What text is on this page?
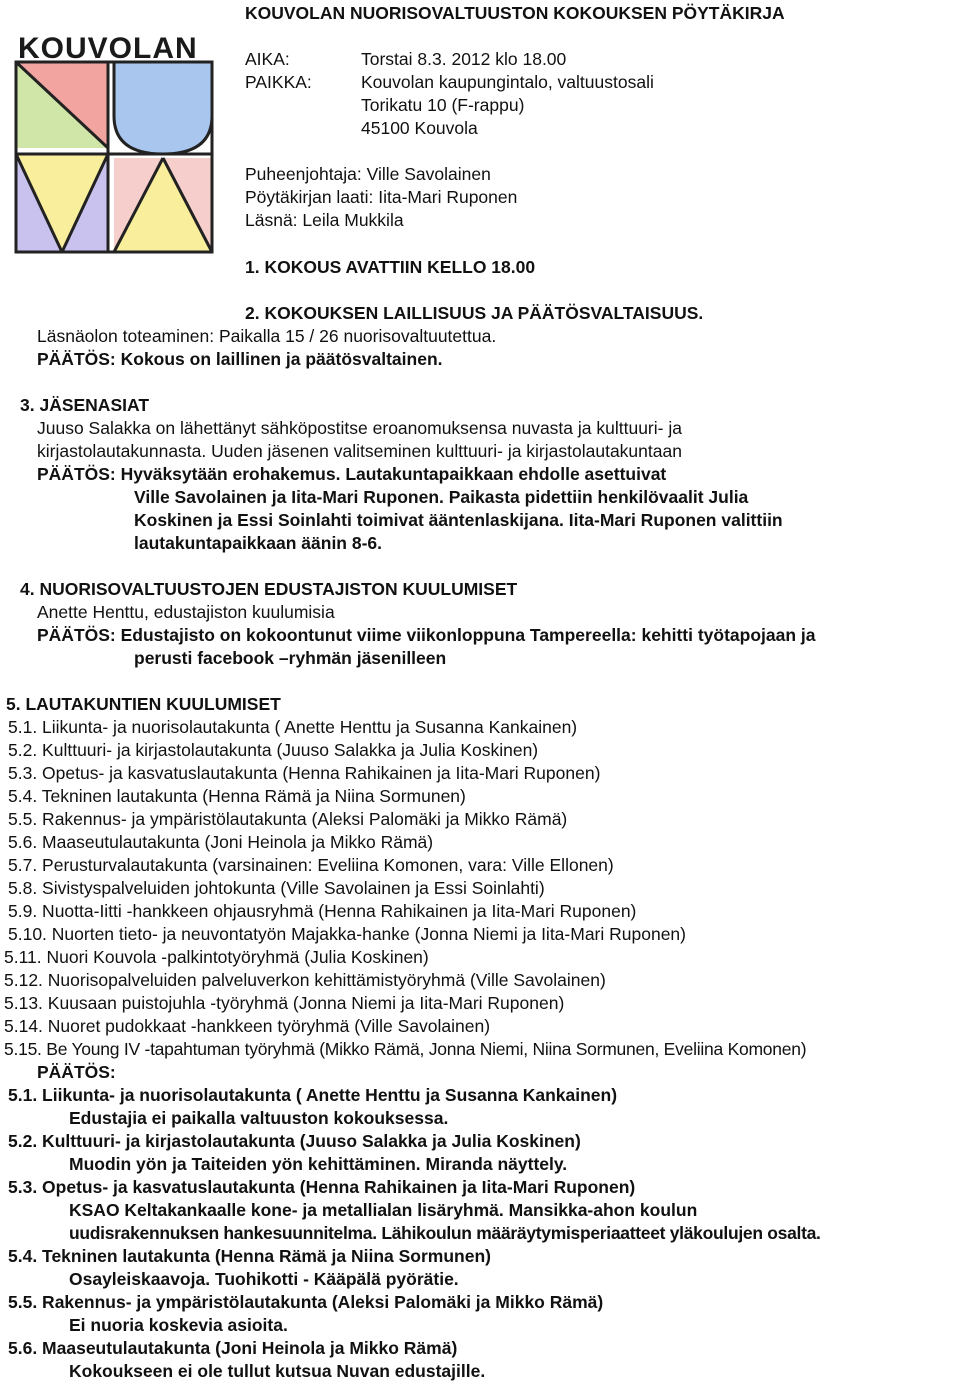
KOUVOLAN
KOUVOLAN NUORISOVALTUUSTON KOKOUKSEN PÖYTÄKIRJA
AIKA:	Torstai 8.3. 2012 klo 18.00
PAIKKA:	Kouvolan kaupungintalo, valtuustosali
Torikatu 10 (F-rappu)
45100 Kouvola
Puheenjohtaja: Ville Savolainen
Pöytäkirjan laati: Iita-Mari Ruponen
Läsnä: Leila Mukkila
1. KOKOUS AVATTIIN KELLO 18.00
2. KOKOUKSEN LAILLISUUS JA PÄÄTÖSVALTAISUUS.
Läsnäolon toteaminen: Paikalla 15 / 26 nuorisovaltuutettua.
PÄÄTÖS: Kokous on laillinen ja päätösvaltainen.
3. JÄSENASIAT
Juuso Salakka on lähettänyt sähköpostitse eroanomuksensa nuvasta ja kulttuuri- ja
kirjastolautakunnasta. Uuden jäsenen valitseminen kulttuuri- ja kirjastolautakuntaan
PÄÄTÖS: Hyväksytään erohakemus. Lautakuntapaikkaan ehdolle asettuivat
Ville Savolainen ja Iita-Mari Ruponen. Paikasta pidettiin henkilövaalit Julia
Koskinen ja Essi Soinlahti toimivat ääntenlaskijana. Iita-Mari Ruponen valittiin
lautakuntapaikkaan äänin 8-6.
4. NUORISOVALTUUSTOJEN EDUSTAJISTON KUULUMISET
Anette Henttu, edustajiston kuulumisia
PÄÄTÖS: Edustajisto on kokoontunut viime viikonloppuna Tampereella: kehitti työtapojaan ja
perusti facebook –ryhmän jäsenilleen
5. LAUTAKUNTIEN KUULUMISET
5.1. Liikunta- ja nuorisolautakunta ( Anette Henttu ja Susanna Kankainen)
5.2. Kulttuuri- ja kirjastolautakunta (Juuso Salakka ja Julia Koskinen)
5.3. Opetus- ja kasvatuslautakunta (Henna Rahikainen ja Iita-Mari Ruponen)
5.4. Tekninen lautakunta (Henna Rämä ja Niina Sormunen)
5.5. Rakennus- ja ympäristölautakunta (Aleksi Palomäki ja Mikko Rämä)
5.6. Maaseutulautakunta (Joni Heinola ja Mikko Rämä)
5.7. Perusturvalautakunta (varsinainen: Eveliina Komonen, vara: Ville Ellonen)
5.8. Sivistyspalveluiden johtokunta (Ville Savolainen ja Essi Soinlahti)
5.9. Nuotta-Iitti -hankkeen ohjausryhmä (Henna Rahikainen ja Iita-Mari Ruponen)
5.10. Nuorten tieto- ja neuvontatyön Majakka-hanke (Jonna Niemi ja Iita-Mari Ruponen)
5.11. Nuori Kouvola -palkintotyöryhmä (Julia Koskinen)
5.12. Nuorisopalveluiden palveluverkon kehittämistyöryhmä (Ville Savolainen)
5.13. Kuusaan puistojuhla -työryhmä (Jonna Niemi ja Iita-Mari Ruponen)
5.14. Nuoret pudokkaat -hankkeen työryhmä (Ville Savolainen)
5.15. Be Young IV -tapahtuman työryhmä (Mikko Rämä, Jonna Niemi, Niina Sormunen, Eveliina Komonen)
PÄÄTÖS:
5.1. Liikunta- ja nuorisolautakunta ( Anette Henttu ja Susanna Kankainen)
Edustajia ei paikalla valtuuston kokouksessa.
5.2. Kulttuuri- ja kirjastolautakunta (Juuso Salakka ja Julia Koskinen)
Muodin yön ja Taiteiden yön kehittäminen. Miranda näyttely.
5.3. Opetus- ja kasvatuslautakunta (Henna Rahikainen ja Iita-Mari Ruponen)
KSAO Keltakankaalle kone- ja metallialan lisäryhmä. Mansikka-ahon koulun
uudisrakennuksen hankesuunnitelma. Lähikoulun määräytymisperiaatteet yläkoulujen osalta.
5.4. Tekninen lautakunta (Henna Rämä ja Niina Sormunen)
Osayleiskaavoja. Tuohikotti - Kääpälä pyörätie.
5.5. Rakennus- ja ympäristölautakunta (Aleksi Palomäki ja Mikko Rämä)
Ei nuoria koskevia asioita.
5.6. Maaseutulautakunta (Joni Heinola ja Mikko Rämä)
Kokoukseen ei ole tullut kutsua Nuvan edustajille.
